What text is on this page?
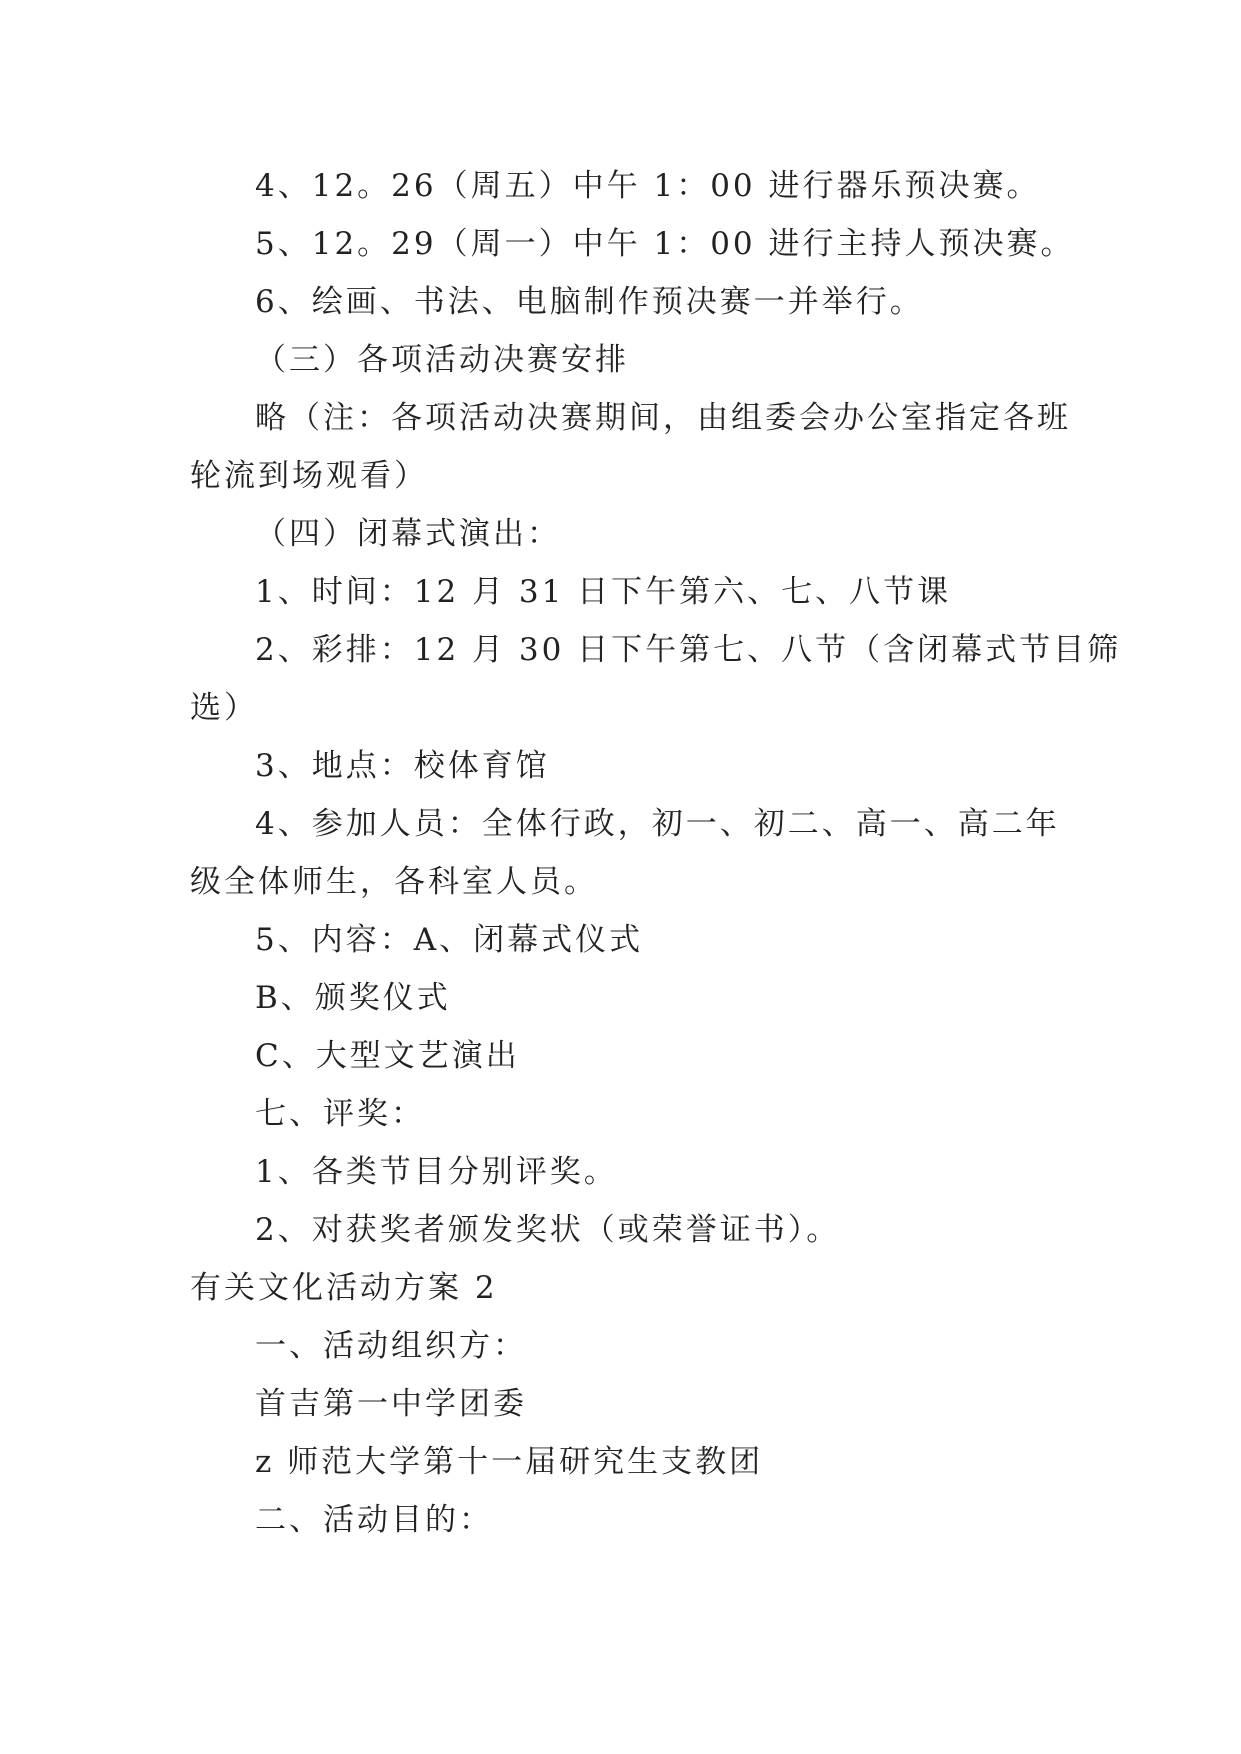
4、12。26（周五）中午 1：00 进行器乐预决赛。
5、12。29（周一）中午 1：00 进行主持人预决赛。
6、绘画、书法、电脑制作预决赛一并举行。
（三）各项活动决赛安排
略（注：各项活动决赛期间，由组委会办公室指定各班
轮流到场观看）
（四）闭幕式演出：
1、时间：12 月 31 日下午第六、七、八节课
2、彩排：12 月 30 日下午第七、八节（含闭幕式节目筛
选）
3、地点：校体育馆
4、参加人员：全体行政，初一、初二、高一、高二年
级全体师生，各科室人员。
5、内容：A、闭幕式仪式
B、颁奖仪式
C、大型文艺演出
七、评奖：
1、各类节目分别评奖。
2、对获奖者颁发奖状（或荣誉证书）。
有关文化活动方案 2
一、活动组织方：
首吉第一中学团委
z 师范大学第十一届研究生支教团
二、活动目的：
